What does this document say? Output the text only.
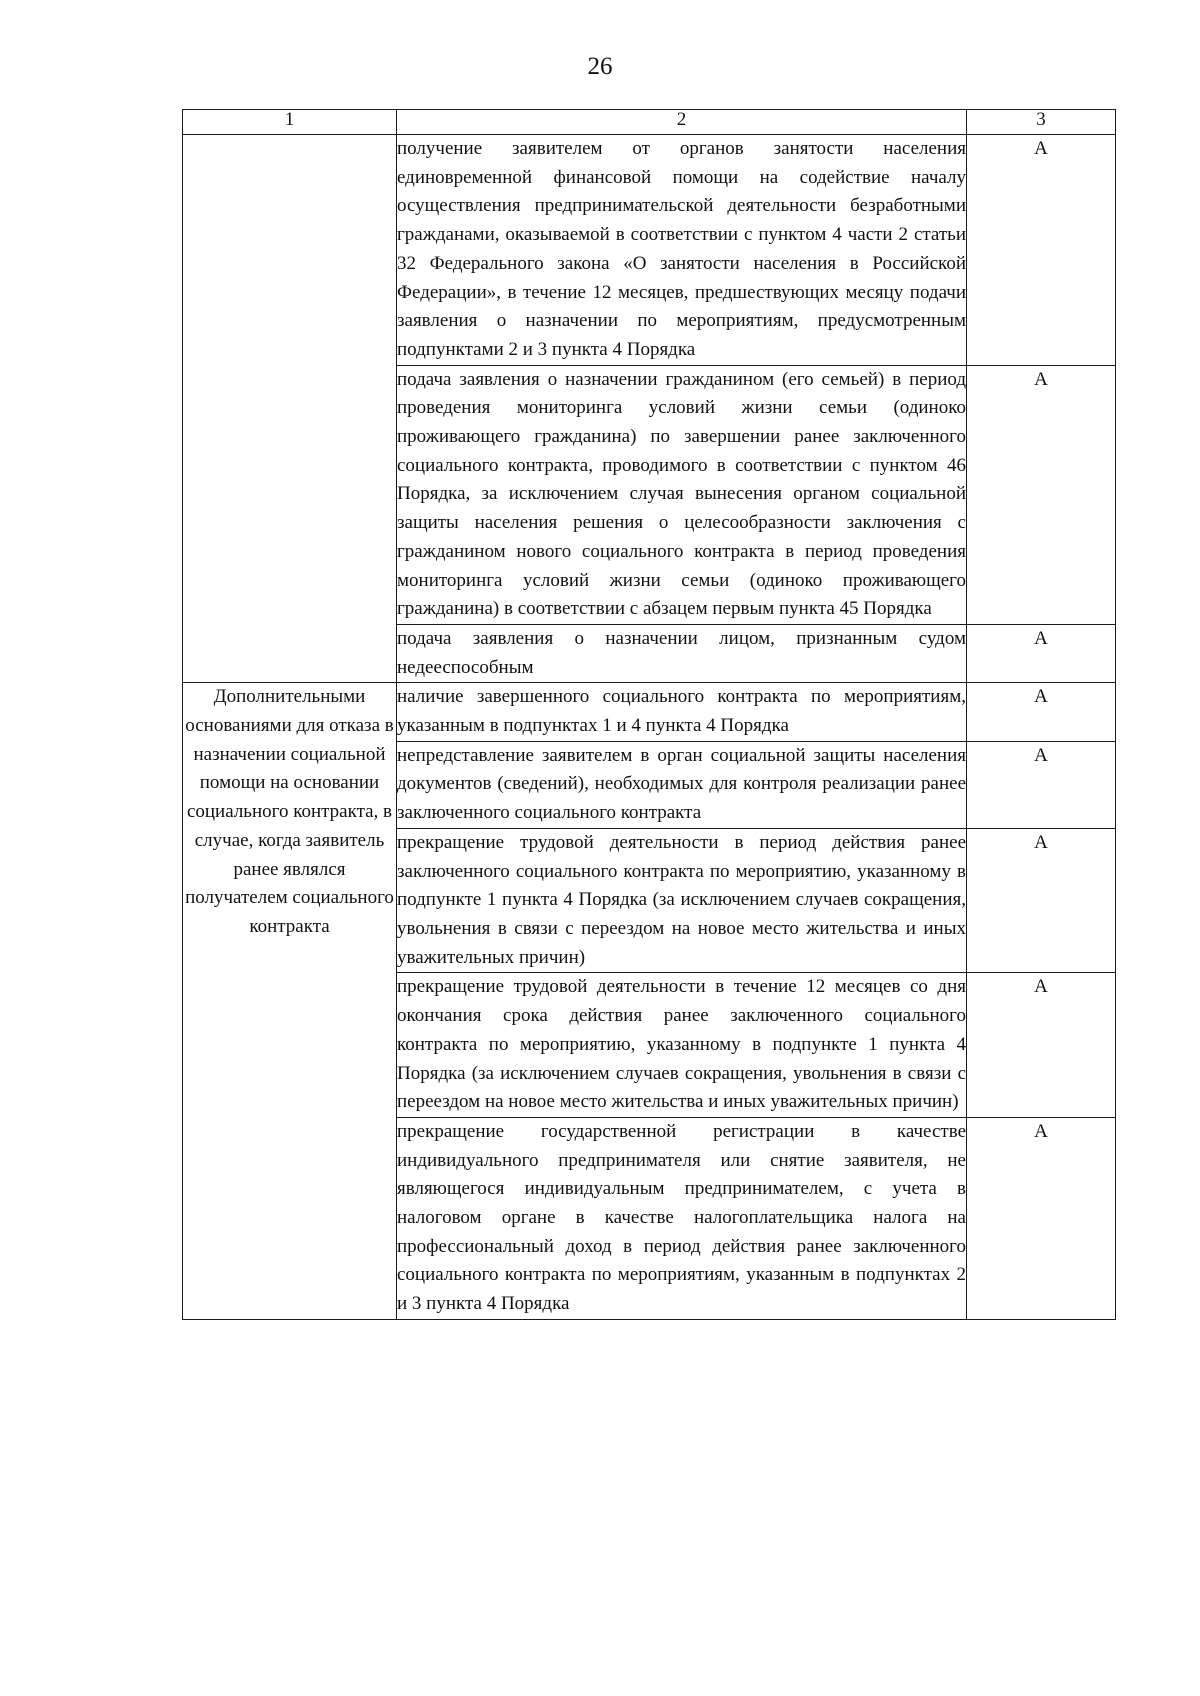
26
1	2	3
	получение заявителем от органов занятости населения единовременной финансовой помощи на содействие началу осуществления предпринимательской деятельности безработными гражданами, оказываемой в соответствии с пунктом 4 части 2 статьи 32 Федерального закона «О занятости населения в Российской Федерации», в течение 12 месяцев, предшествующих месяцу подачи заявления о назначении по мероприятиям, предусмотренным подпунктами 2 и 3 пункта 4 Порядка	А
	подача заявления о назначении гражданином (его семьей) в период проведения мониторинга условий жизни семьи (одиноко проживающего гражданина) по завершении ранее заключенного социального контракта, проводимого в соответствии с пунктом 46 Порядка, за исключением случая вынесения органом социальной защиты населения решения о целесообразности заключения с гражданином нового социального контракта в период проведения мониторинга условий жизни семьи (одиноко проживающего гражданина) в соответствии с абзацем первым пункта 45 Порядка	А
	подача заявления о назначении лицом, признанным судом недееспособным	А
Дополнительными основаниями для отказа в назначении социальной помощи на основании социального контракта, в случае, когда заявитель ранее являлся получателем социального контракта	наличие завершенного социального контракта по мероприятиям, указанным в подпунктах 1 и 4 пункта 4 Порядка	А
	непредставление заявителем в орган социальной защиты населения документов (сведений), необходимых для контроля реализации ранее заключенного социального контракта	А
	прекращение трудовой деятельности в период действия ранее заключенного социального контракта по мероприятию, указанному в подпункте 1 пункта 4 Порядка (за исключением случаев сокращения, увольнения в связи с переездом на новое место жительства и иных уважительных причин)	А
	прекращение трудовой деятельности в течение 12 месяцев со дня окончания срока действия ранее заключенного социального контракта по мероприятию, указанному в подпункте 1 пункта 4 Порядка (за исключением случаев сокращения, увольнения в связи с переездом на новое место жительства и иных уважительных причин)	А
	прекращение государственной регистрации в качестве индивидуального предпринимателя или снятие заявителя, не являющегося индивидуальным предпринимателем, с учета в налоговом органе в качестве налогоплательщика налога на профессиональный доход в период действия ранее заключенного социального контракта по мероприятиям, указанным в подпунктах 2 и 3 пункта 4 Порядка	А
